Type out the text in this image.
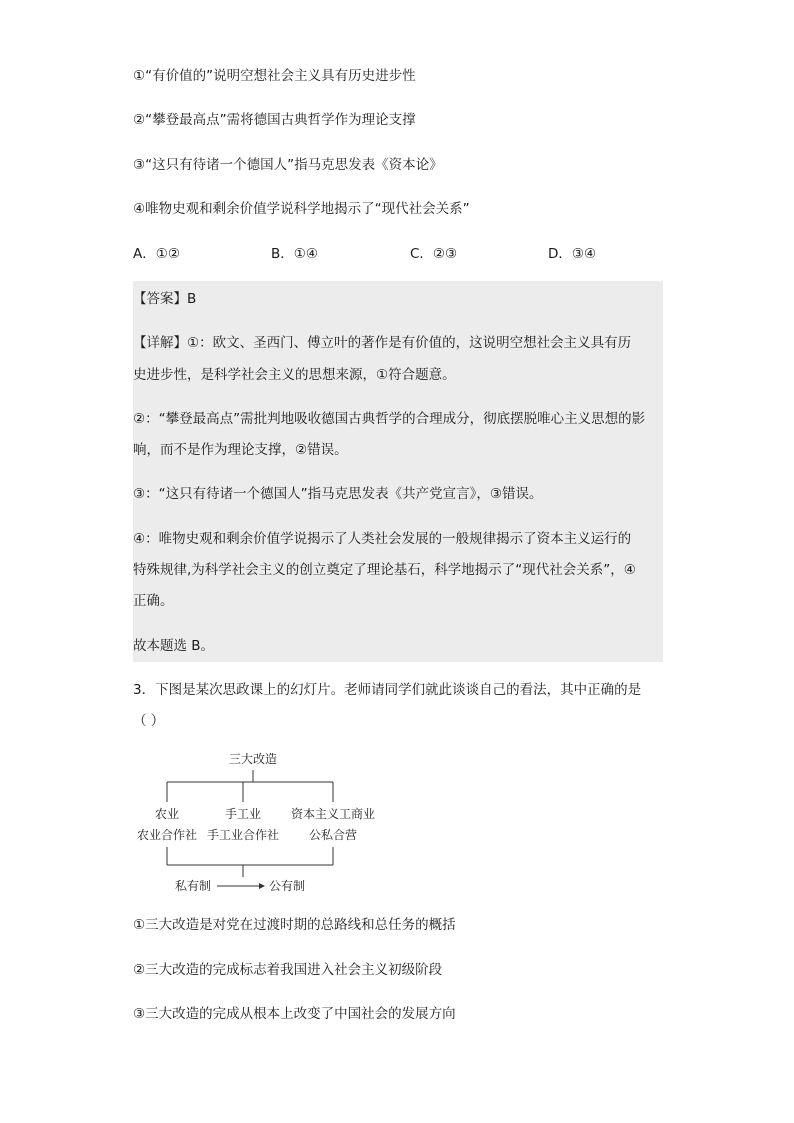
①“有价值的”说明空想社会主义具有历史进步性
②“攀登最高点”需将德国古典哲学作为理论支撑
③“这只有待诸一个德国人”指马克思发表《资本论》
④唯物史观和剩余价值学说科学地揭示了“现代社会关系”
A．①②	B．①④	C．②③	D．③④
【答案】B
【详解】①：欧文、圣西门、傅立叶的著作是有价值的，这说明空想社会主义具有历
史进步性，是科学社会主义的思想来源，①符合题意。
②：“攀登最高点”需批判地吸收德国古典哲学的合理成分，彻底摆脱唯心主义思想的影
响，而不是作为理论支撑，②错误。
③：“这只有待诸一个德国人”指马克思发表《共产党宣言》，③错误。
④：唯物史观和剩余价值学说揭示了人类社会发展的一般规律揭示了资本主义运行的
特殊规律,为科学社会主义的创立奠定了理论基石，科学地揭示了“现代社会关系”，④
正确。
故本题选 B。
3．下图是某次思政课上的幻灯片。老师请同学们就此谈谈自己的看法，其中正确的是
（ ）
三大改造
农业	手工业 资本主义工商业
农业合作社 手工业合作社 公私合营
私有制	公有制
①三大改造是对党在过渡时期的总路线和总任务的概括
②三大改造的完成标志着我国进入社会主义初级阶段
③三大改造的完成从根本上改变了中国社会的发展方向
